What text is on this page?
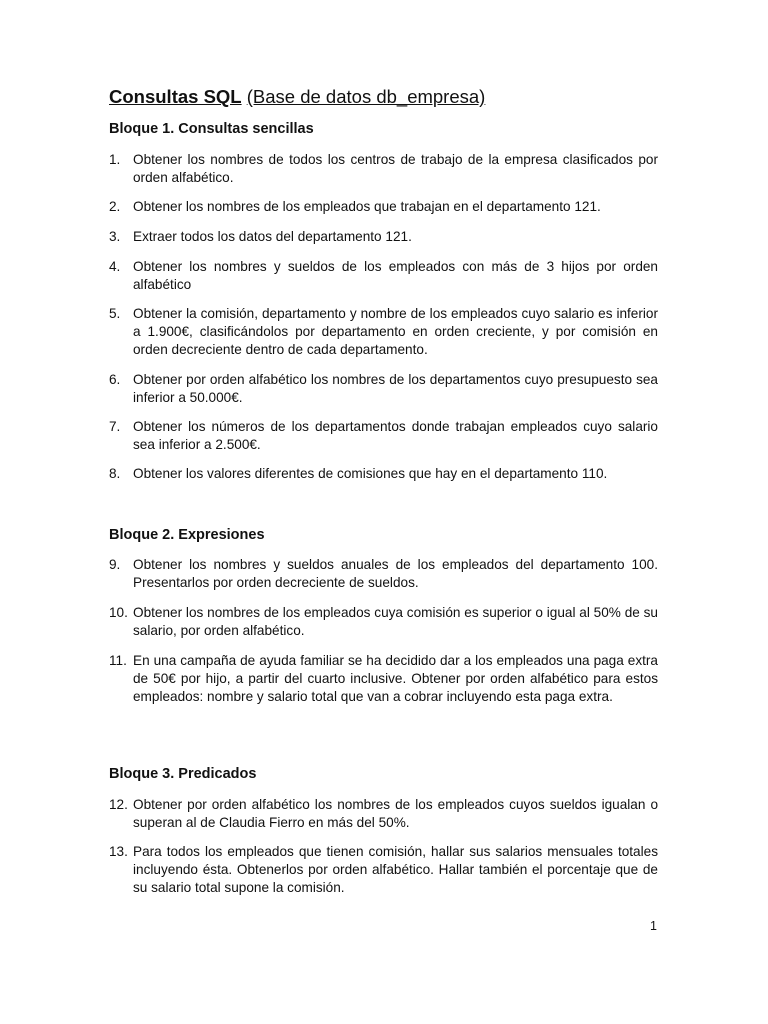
Consultas SQL (Base de datos db_empresa)
Bloque 1. Consultas sencillas
1. Obtener los nombres de todos los centros de trabajo de la empresa clasificados por orden alfabético.
2. Obtener los nombres de los empleados que trabajan en el departamento 121.
3. Extraer todos los datos del departamento 121.
4. Obtener los nombres y sueldos de los empleados con más de 3 hijos por orden alfabético
5. Obtener la comisión, departamento y nombre de los empleados cuyo salario es inferior a 1.900€, clasificándolos por departamento en orden creciente, y por comisión en orden decreciente dentro de cada departamento.
6. Obtener por orden alfabético los nombres de los departamentos cuyo presupuesto sea inferior a 50.000€.
7. Obtener los números de los departamentos donde trabajan empleados cuyo salario sea inferior a 2.500€.
8. Obtener los valores diferentes de comisiones que hay en el departamento 110.
Bloque 2. Expresiones
9. Obtener los nombres y sueldos anuales de los empleados del departamento 100. Presentarlos por orden decreciente de sueldos.
10. Obtener los nombres de los empleados cuya comisión es superior o igual al 50% de su salario, por orden alfabético.
11. En una campaña de ayuda familiar se ha decidido dar a los empleados una paga extra de 50€ por hijo, a partir del cuarto inclusive. Obtener por orden alfabético para estos empleados: nombre y salario total que van a cobrar incluyendo esta paga extra.
Bloque 3. Predicados
12. Obtener por orden alfabético los nombres de los empleados cuyos sueldos igualan o superan al de Claudia Fierro en más del 50%.
13. Para todos los empleados que tienen comisión, hallar sus salarios mensuales totales incluyendo ésta. Obtenerlos por orden alfabético. Hallar también el porcentaje que de su salario total supone la comisión.
1
